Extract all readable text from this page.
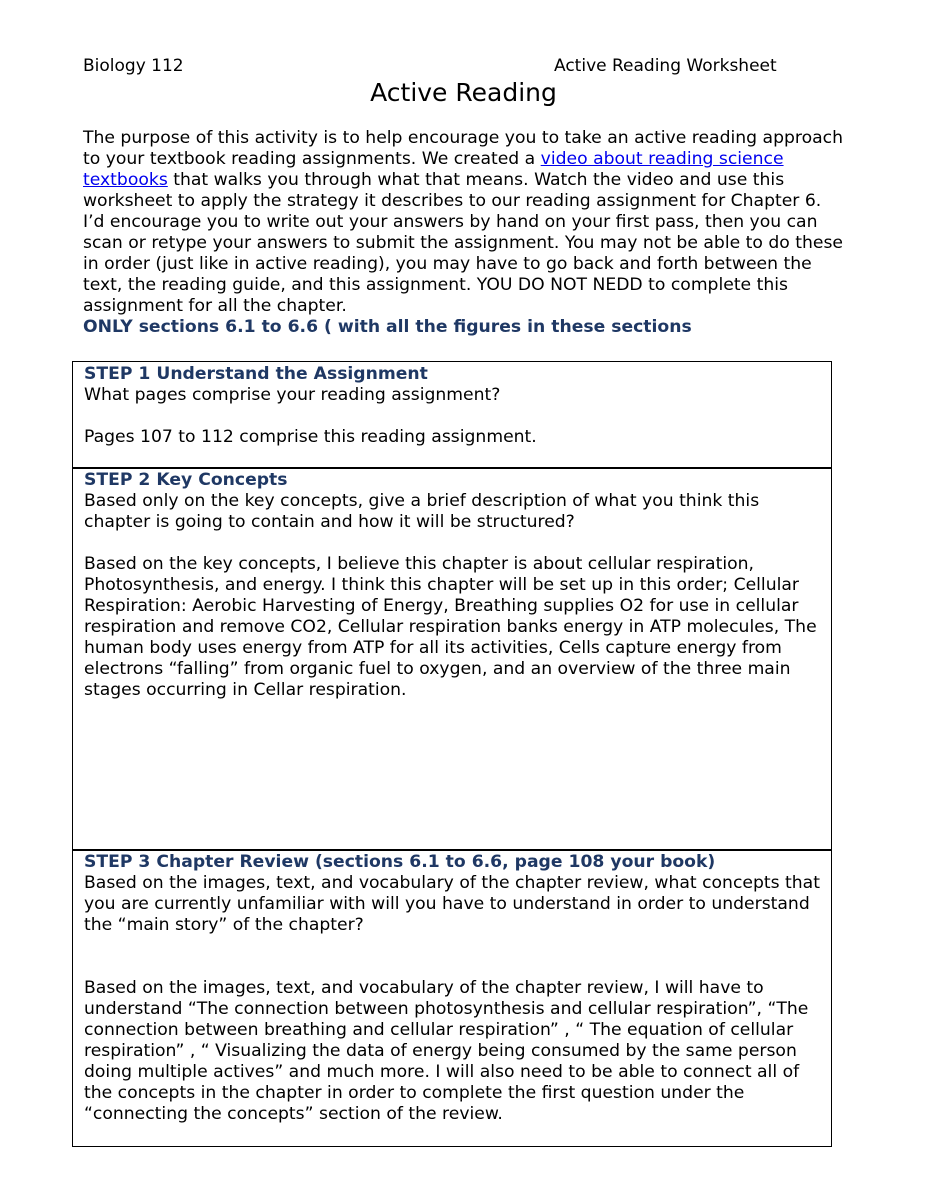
Biology 112	Active Reading Worksheet
Active Reading

The purpose of this activity is to help encourage you to take an active reading approach to your textbook reading assignments. We created a video about reading science textbooks that walks you through what that means. Watch the video and use this worksheet to apply the strategy it describes to our reading assignment for Chapter 6. I’d encourage you to write out your answers by hand on your first pass, then you can scan or retype your answers to submit the assignment. You may not be able to do these in order (just like in active reading), you may have to go back and forth between the text, the reading guide, and this assignment. YOU DO NOT NEDD to complete this assignment for all the chapter.
ONLY sections 6.1 to 6.6 ( with all the figures in these sections

STEP 1 Understand the Assignment
What pages comprise your reading assignment?
Pages 107 to 112 comprise this reading assignment.
STEP 2 Key Concepts
Based only on the key concepts, give a brief description of what you think this chapter is going to contain and how it will be structured?
Based on the key concepts, I believe this chapter is about cellular respiration, Photosynthesis, and energy. I think this chapter will be set up in this order; Cellular Respiration: Aerobic Harvesting of Energy, Breathing supplies O2 for use in cellular respiration and remove CO2, Cellular respiration banks energy in ATP molecules, The human body uses energy from ATP for all its activities, Cells capture energy from electrons “falling” from organic fuel to oxygen, and an overview of the three main stages occurring in Cellar respiration.
STEP 3 Chapter Review (sections 6.1 to 6.6, page 108 your book)
Based on the images, text, and vocabulary of the chapter review, what concepts that you are currently unfamiliar with will you have to understand in order to understand the “main story” of the chapter?
Based on the images, text, and vocabulary of the chapter review, I will have to understand “The connection between photosynthesis and cellular respiration”, “The connection between breathing and cellular respiration” , “ The equation of cellular respiration” , “ Visualizing the data of energy being consumed by the same person doing multiple actives” and much more. I will also need to be able to connect all of the concepts in the chapter in order to complete the first question under the “connecting the concepts” section of the review.
